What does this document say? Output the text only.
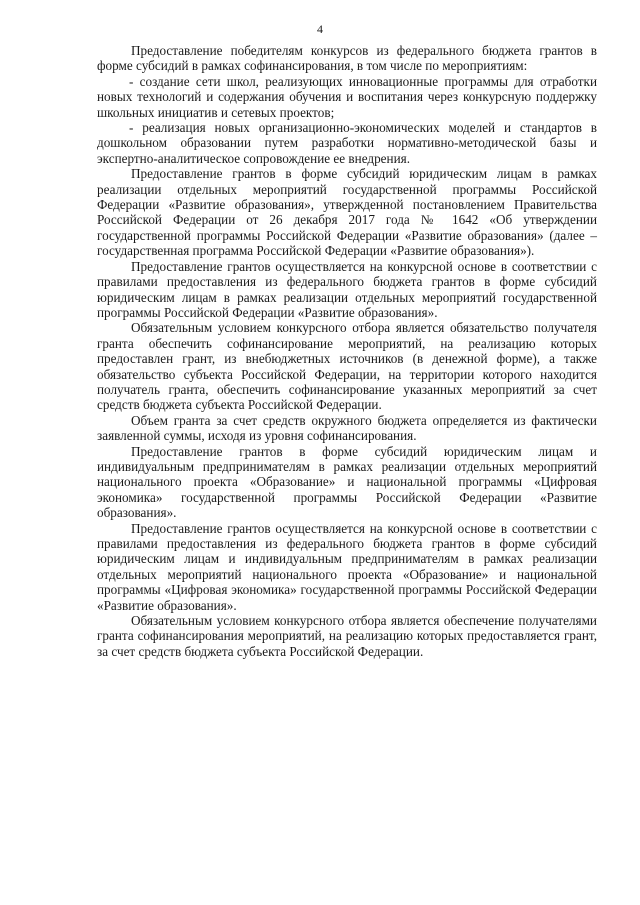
4

Предоставление победителям конкурсов из федерального бюджета грантов в форме субсидий в рамках софинансирования, в том числе по мероприятиям:

- создание сети школ, реализующих инновационные программы для отработки новых технологий и содержания обучения и воспитания через конкурсную поддержку школьных инициатив и сетевых проектов;

- реализация новых организационно-экономических моделей и стандартов в дошкольном образовании путем разработки нормативно-методической базы и экспертно-аналитическое сопровождение ее внедрения.

Предоставление грантов в форме субсидий юридическим лицам в рамках реализации отдельных мероприятий государственной программы Российской Федерации «Развитие образования», утвержденной постановлением Правительства Российской Федерации от 26 декабря 2017 года № 1642 «Об утверждении государственной программы Российской Федерации «Развитие образования» (далее – государственная программа Российской Федерации «Развитие образования»).

Предоставление грантов осуществляется на конкурсной основе в соответствии с правилами предоставления из федерального бюджета грантов в форме субсидий юридическим лицам в рамках реализации отдельных мероприятий государственной программы Российской Федерации «Развитие образования».

Обязательным условием конкурсного отбора является обязательство получателя гранта обеспечить софинансирование мероприятий, на реализацию которых предоставлен грант, из внебюджетных источников (в денежной форме), а также обязательство субъекта Российской Федерации, на территории которого находится получатель гранта, обеспечить софинансирование указанных мероприятий за счет средств бюджета субъекта Российской Федерации.

Объем гранта за счет средств окружного бюджета определяется из фактически заявленной суммы, исходя из уровня софинансирования.

Предоставление грантов в форме субсидий юридическим лицам и индивидуальным предпринимателям в рамках реализации отдельных мероприятий национального проекта «Образование» и национальной программы «Цифровая экономика» государственной программы Российской Федерации «Развитие образования».

Предоставление грантов осуществляется на конкурсной основе в соответствии с правилами предоставления из федерального бюджета грантов в форме субсидий юридическим лицам и индивидуальным предпринимателям в рамках реализации отдельных мероприятий национального проекта «Образование» и национальной программы «Цифровая экономика» государственной программы Российской Федерации «Развитие образования».

Обязательным условием конкурсного отбора является обеспечение получателями гранта софинансирования мероприятий, на реализацию которых предоставляется грант, за счет средств бюджета субъекта Российской Федерации.
